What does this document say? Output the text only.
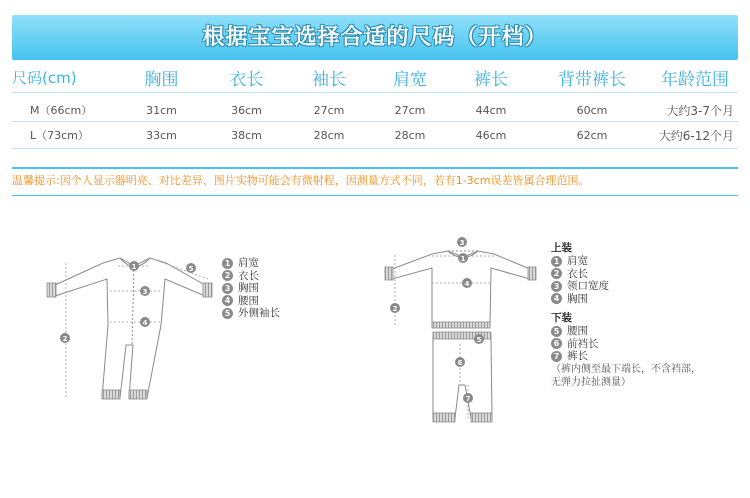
根据宝宝选择合适的尺码（开档）
尺码(cm)	胸围	衣长	袖长	肩宽	裤长	背带裤长	年龄范围
M（66cm）	31cm	36cm	27cm	27cm	44cm	60cm	大约3-7个月
L（73cm）	33cm	38cm	28cm	28cm	46cm	62cm	大约6-12个月
温馨提示:因个人显示器明亮、对比差异、图片实物可能会有微射程，因测量方式不同，若有1-3cm误差皆属合理范围。
1
2
3
4
5
3
1
4
2
5
6
7
1 肩宽
2 衣长
3 胸围
4 腰围
5 外侧袖长
上装
1 肩宽
2 衣长
3 领口宽度
4 胸围
下装
5 腰围
6 前裆长
7 裤长
（裤内侧至最下端长，不含裆部，
无弹力拉扯测量）
